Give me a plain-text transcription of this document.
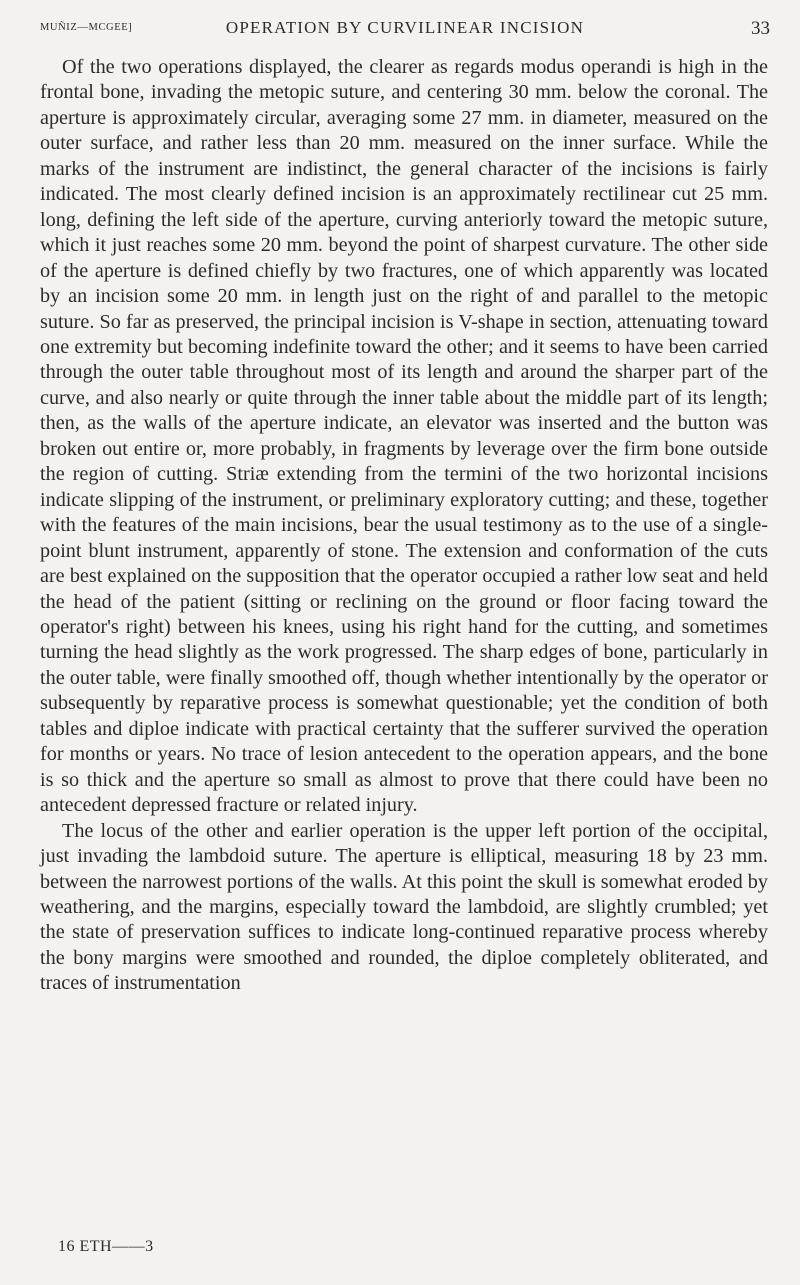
MUÑIZ—MCGEE]	OPERATION BY CURVILINEAR INCISION	33

Of the two operations displayed, the clearer as regards modus operandi is high in the frontal bone, invading the metopic suture, and centering 30 mm. below the coronal. The aperture is approximately circular, averaging some 27 mm. in diameter, measured on the outer surface, and rather less than 20 mm. measured on the inner surface. While the marks of the instrument are indistinct, the general character of the incisions is fairly indicated. The most clearly defined incision is an approximately rectilinear cut 25 mm. long, defining the left side of the aperture, curving anteriorly toward the metopic suture, which it just reaches some 20 mm. beyond the point of sharpest curvature. The other side of the aperture is defined chiefly by two fractures, one of which apparently was located by an incision some 20 mm. in length just on the right of and parallel to the metopic suture. So far as preserved, the principal incision is V-shape in section, attenuating toward one extremity but becoming indefinite toward the other; and it seems to have been carried through the outer table throughout most of its length and around the sharper part of the curve, and also nearly or quite through the inner table about the middle part of its length; then, as the walls of the aperture indicate, an elevator was inserted and the button was broken out entire or, more probably, in fragments by leverage over the firm bone outside the region of cutting. Striæ extending from the termini of the two horizontal incisions indicate slipping of the instrument, or preliminary exploratory cutting; and these, together with the features of the main incisions, bear the usual testimony as to the use of a single-point blunt instrument, apparently of stone. The extension and conformation of the cuts are best explained on the supposition that the operator occupied a rather low seat and held the head of the patient (sitting or reclining on the ground or floor facing toward the operator's right) between his knees, using his right hand for the cutting, and sometimes turning the head slightly as the work progressed. The sharp edges of bone, particularly in the outer table, were finally smoothed off, though whether intentionally by the operator or subsequently by reparative process is somewhat questionable; yet the condition of both tables and diploe indicate with practical certainty that the sufferer survived the operation for months or years. No trace of lesion antecedent to the operation appears, and the bone is so thick and the aperture so small as almost to prove that there could have been no antecedent depressed fracture or related injury.

The locus of the other and earlier operation is the upper left portion of the occipital, just invading the lambdoid suture. The aperture is elliptical, measuring 18 by 23 mm. between the narrowest portions of the walls. At this point the skull is somewhat eroded by weathering, and the margins, especially toward the lambdoid, are slightly crumbled; yet the state of preservation suffices to indicate long-continued reparative process whereby the bony margins were smoothed and rounded, the diploe completely obliterated, and traces of instrumentation

16 ETH——3
